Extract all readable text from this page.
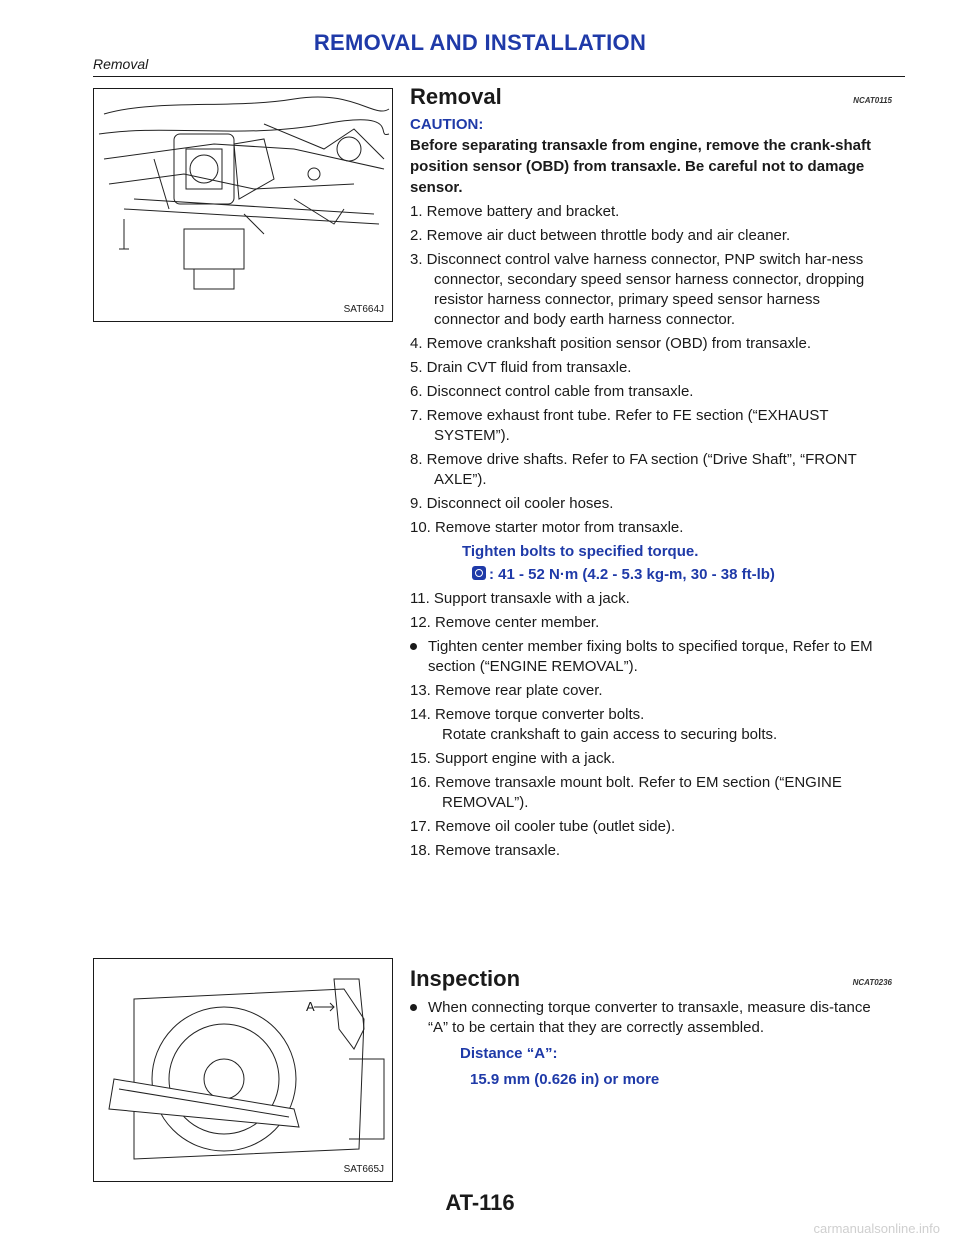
REMOVAL AND INSTALLATION
Removal
SAT664J
Removal	NCAT0115
CAUTION:
Before separating transaxle from engine, remove the crank-shaft position sensor (OBD) from transaxle. Be careful not to damage sensor.
1. Remove battery and bracket.
2. Remove air duct between throttle body and air cleaner.
3. Disconnect control valve harness connector, PNP switch har-ness connector, secondary speed sensor harness connector, dropping resistor harness connector, primary speed sensor harness connector and body earth harness connector.
4. Remove crankshaft position sensor (OBD) from transaxle.
5. Drain CVT fluid from transaxle.
6. Disconnect control cable from transaxle.
7. Remove exhaust front tube. Refer to FE section (“EXHAUST SYSTEM”).
8. Remove drive shafts. Refer to FA section (“Drive Shaft”, “FRONT AXLE”).
9. Disconnect oil cooler hoses.
10. Remove starter motor from transaxle.
Tighten bolts to specified torque.
: 41 - 52 N·m (4.2 - 5.3 kg-m, 30 - 38 ft-lb)
11. Support transaxle with a jack.
12. Remove center member.
Tighten center member fixing bolts to specified torque, Refer to EM section (“ENGINE REMOVAL”).
13. Remove rear plate cover.
14. Remove torque converter bolts.
Rotate crankshaft to gain access to securing bolts.
15. Support engine with a jack.
16. Remove transaxle mount bolt. Refer to EM section (“ENGINE REMOVAL”).
17. Remove oil cooler tube (outlet side).
18. Remove transaxle.
A
SAT665J
Inspection	NCAT0236
When connecting torque converter to transaxle, measure dis-tance “A” to be certain that they are correctly assembled.
Distance “A”:
15.9 mm (0.626 in) or more
AT-116
carmanualsonline.info
